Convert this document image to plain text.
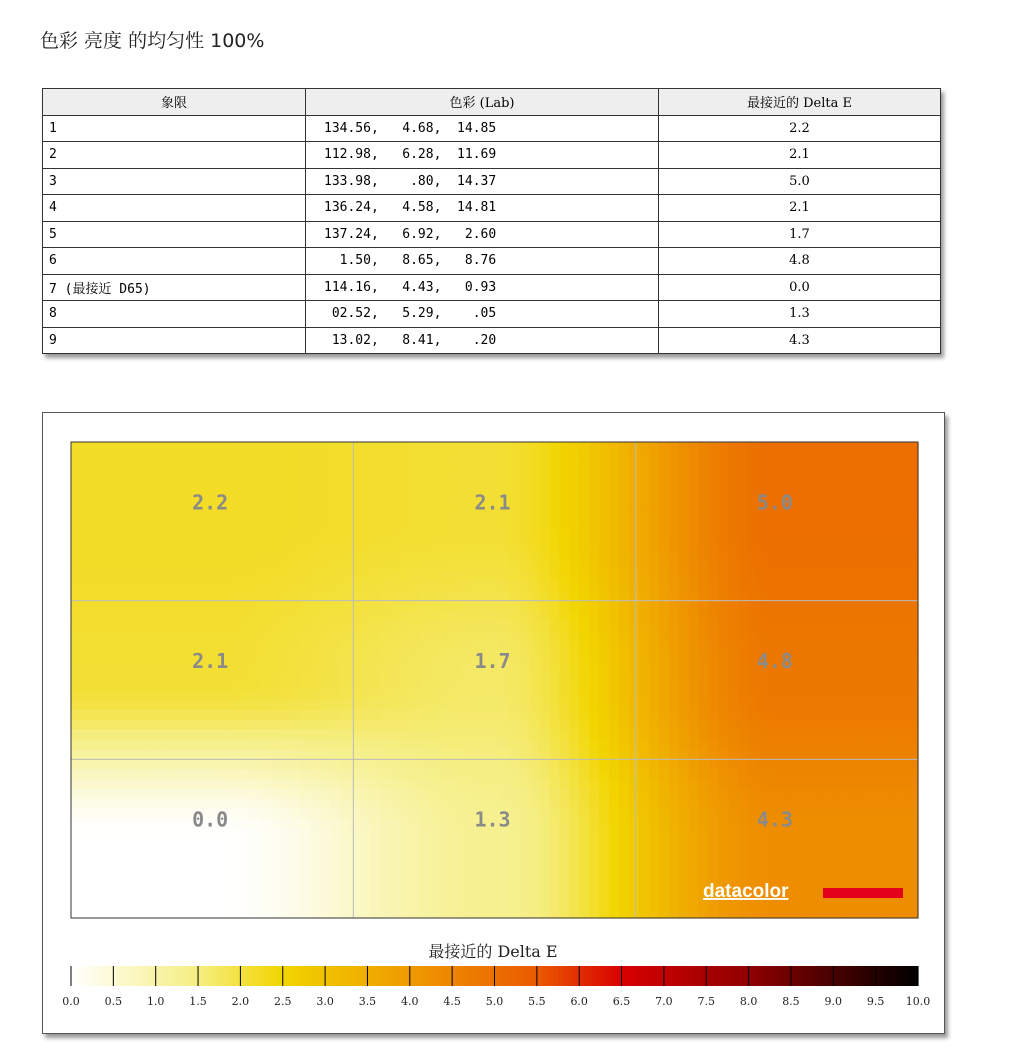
色彩 亮度 的均匀性 100%
象限	色彩 (Lab)	最接近的 Delta E
1	134.56,   4.68,  14.85	2.2
2	112.98,   6.28,  11.69	2.1
3	133.98,    .80,  14.37	5.0
4	136.24,   4.58,  14.81	2.1
5	137.24,   6.92,   2.60	1.7
6	1.50,   8.65,   8.76	4.8
7 (最接近 D65)	114.16,   4.43,   0.93	0.0
8	02.52,   5.29,    .05	1.3
9	13.02,   8.41,    .20	4.3
2.2	2.1	5.0
2.1	1.7	4.8
0.0	1.3	4.3
datacolor
最接近的 Delta E
0.0 0.5 1.0 1.5 2.0 2.5 3.0 3.5 4.0 4.5 5.0 5.5 6.0 6.5 7.0 7.5 8.0 8.5 9.0 9.5 10.0
